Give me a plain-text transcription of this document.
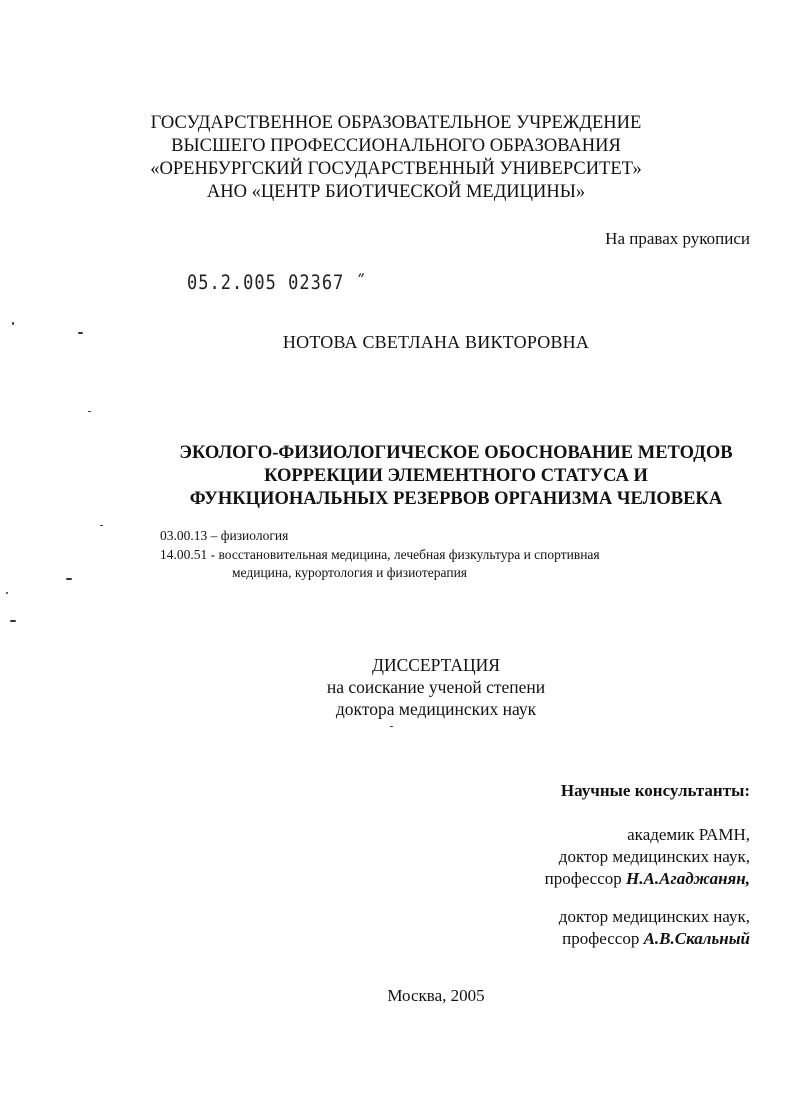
ГОСУДАРСТВЕННОЕ ОБРАЗОВАТЕЛЬНОЕ УЧРЕЖДЕНИЕ
ВЫСШЕГО ПРОФЕССИОНАЛЬНОГО ОБРАЗОВАНИЯ
«ОРЕНБУРГСКИЙ ГОСУДАРСТВЕННЫЙ УНИВЕРСИТЕТ»
АНО «ЦЕНТР БИОТИЧЕСКОЙ МЕДИЦИНЫ»
На правах рукописи
05.2.005 02367 ˝
НОТОВА СВЕТЛАНА ВИКТОРОВНА
ЭКОЛОГО-ФИЗИОЛОГИЧЕСКОЕ ОБОСНОВАНИЕ МЕТОДОВ
КОРРЕКЦИИ ЭЛЕМЕНТНОГО СТАТУСА И
ФУНКЦИОНАЛЬНЫХ РЕЗЕРВОВ ОРГАНИЗМА ЧЕЛОВЕКА
03.00.13 – физиология
14.00.51 - восстановительная медицина, лечебная физкультура и спортивная
медицина, курортология и физиотерапия
ДИССЕРТАЦИЯ
на соискание ученой степени
доктора медицинских наук
Научные консультанты:
академик РАМН,
доктор медицинских наук,
профессор Н.А.Агаджанян,
доктор медицинских наук,
профессор А.В.Скальный
Москва, 2005
